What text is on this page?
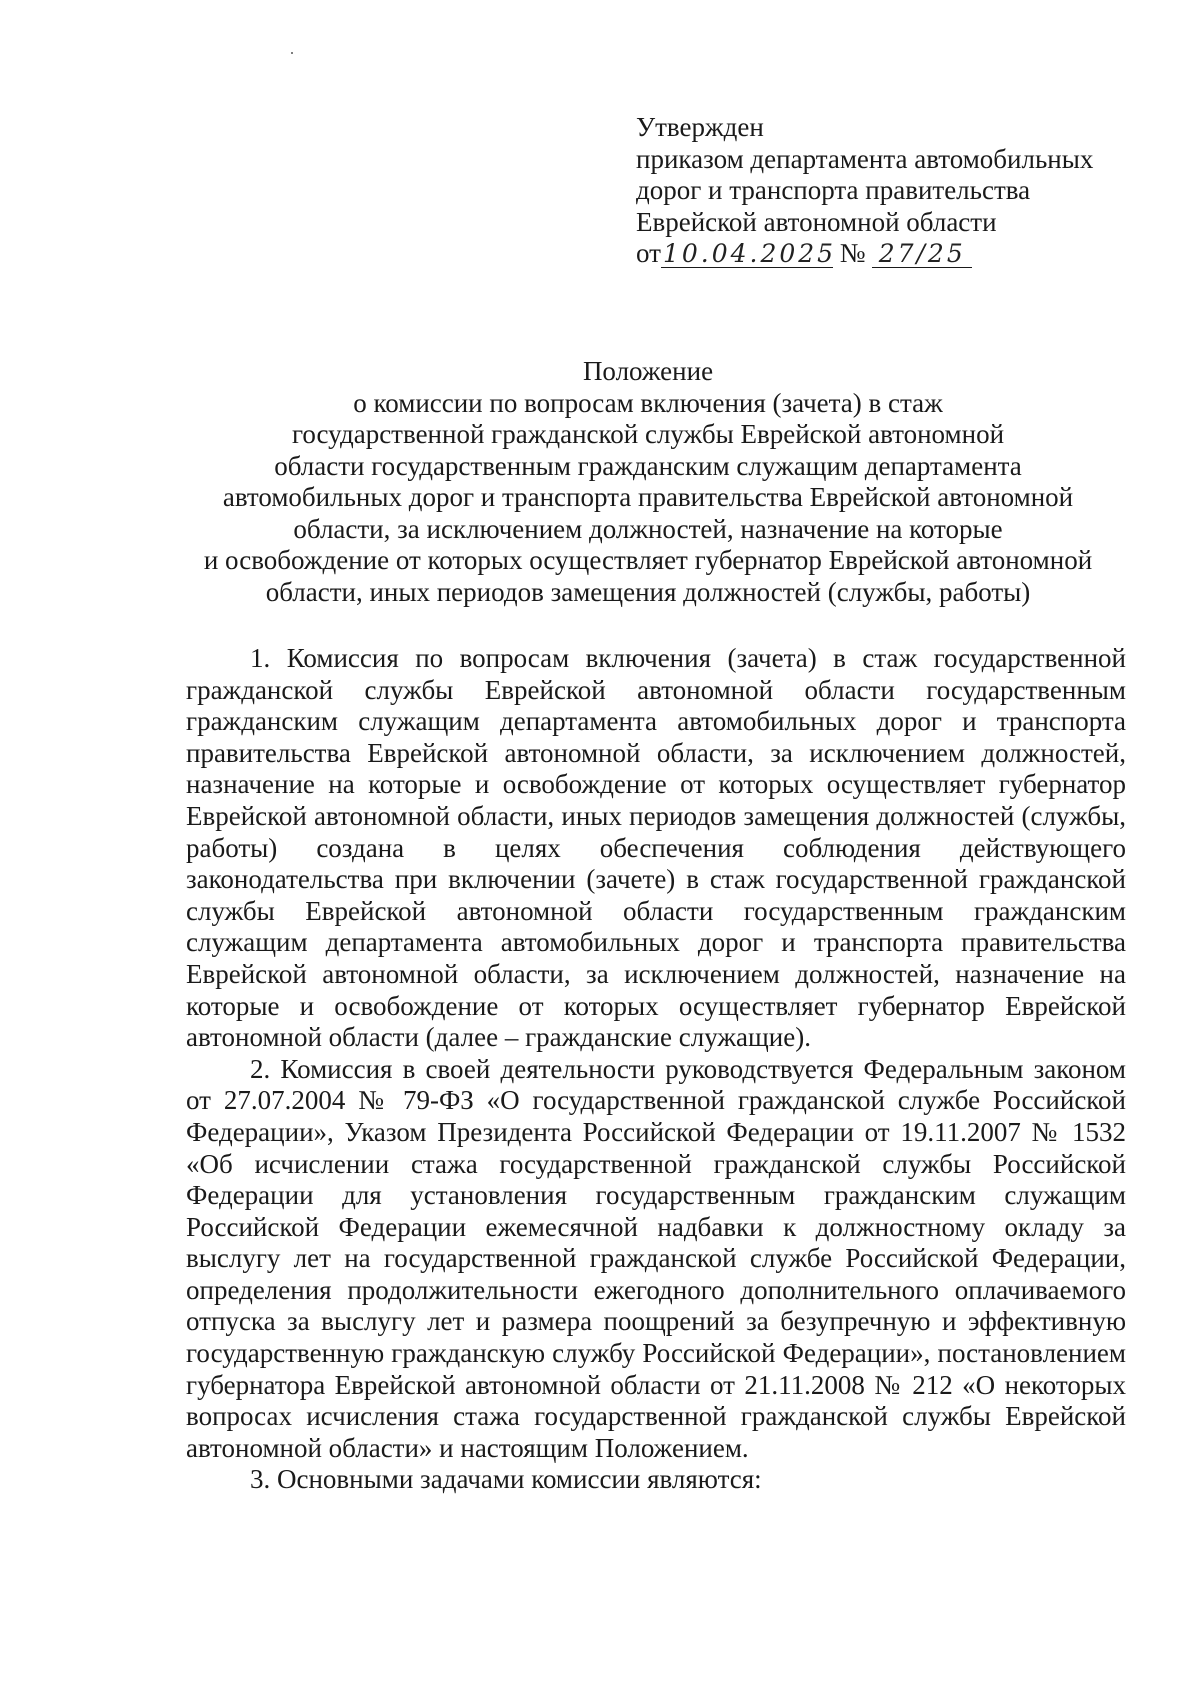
Утвержден
приказом департамента автомобильных
дорог и транспорта правительства
Еврейской автономной области
от10.04.2025 № 27/25
Положение
о комиссии по вопросам включения (зачета) в стаж
государственной гражданской службы Еврейской автономной
области государственным гражданским служащим департамента
автомобильных дорог и транспорта правительства Еврейской автономной
области, за исключением должностей, назначение на которые
и освобождение от которых осуществляет губернатор Еврейской автономной
области, иных периодов замещения должностей (службы, работы)

1. Комиссия по вопросам включения (зачета) в стаж государственной гражданской службы Еврейской автономной области государственным гражданским служащим департамента автомобильных дорог и транспорта правительства Еврейской автономной области, за исключением должностей, назначение на которые и освобождение от которых осуществляет губернатор Еврейской автономной области, иных периодов замещения должностей (службы, работы) создана в целях обеспечения соблюдения действующего законодательства при включении (зачете) в стаж государственной гражданской службы Еврейской автономной области государственным гражданским служащим департамента автомобильных дорог и транспорта правительства Еврейской автономной области, за исключением должностей, назначение на которые и освобождение от которых осуществляет губернатор Еврейской автономной области (далее – гражданские служащие).

2. Комиссия в своей деятельности руководствуется Федеральным законом от 27.07.2004 № 79-ФЗ «О государственной гражданской службе Российской Федерации», Указом Президента Российской Федерации от 19.11.2007 № 1532 «Об исчислении стажа государственной гражданской службы Российской Федерации для установления государственным гражданским служащим Российской Федерации ежемесячной надбавки к должностному окладу за выслугу лет на государственной гражданской службе Российской Федерации, определения продолжительности ежегодного дополнительного оплачиваемого отпуска за выслугу лет и размера поощрений за безупречную и эффективную государственную гражданскую службу Российской Федерации», постановлением губернатора Еврейской автономной области от 21.11.2008 № 212 «О некоторых вопросах исчисления стажа государственной гражданской службы Еврейской автономной области» и настоящим Положением.

3. Основными задачами комиссии являются:
